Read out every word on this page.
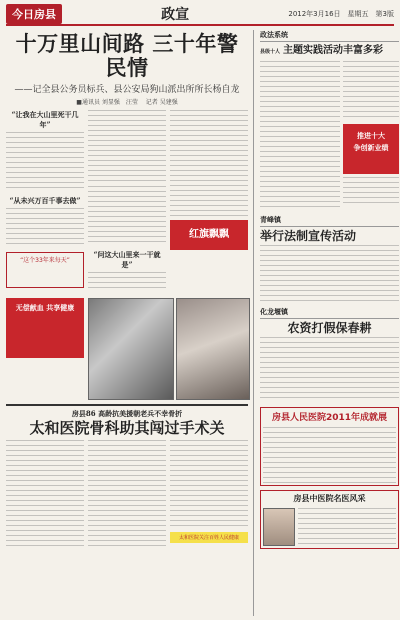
今日房县	政宣	2012年3月16日　星期五　第3版
十万里山间路 三十年警民情
——记全县公务员标兵、县公安局狗山派出所所长杨自龙
■通讯员 刘显强　汪莹　 记者 吴建强
“让我在大山里死干几年”
“从未兴万百千事去做”
“这个33年来每天”
“问这大山里来一干就是”
红旗飘飘
无偿献血 共享健康
房县86 高龄抗美援朝老兵不幸骨折
太和医院骨科助其闯过手术关
太和医院关注百姓人民健康
政法系统
县级十人 主题实践活动丰富多彩
推进十大
争创新业绩
青峰镇
举行法制宣传活动
化龙堰镇
农资打假保春耕
房县人民医院2011年成就展
房县中医院名医风采
